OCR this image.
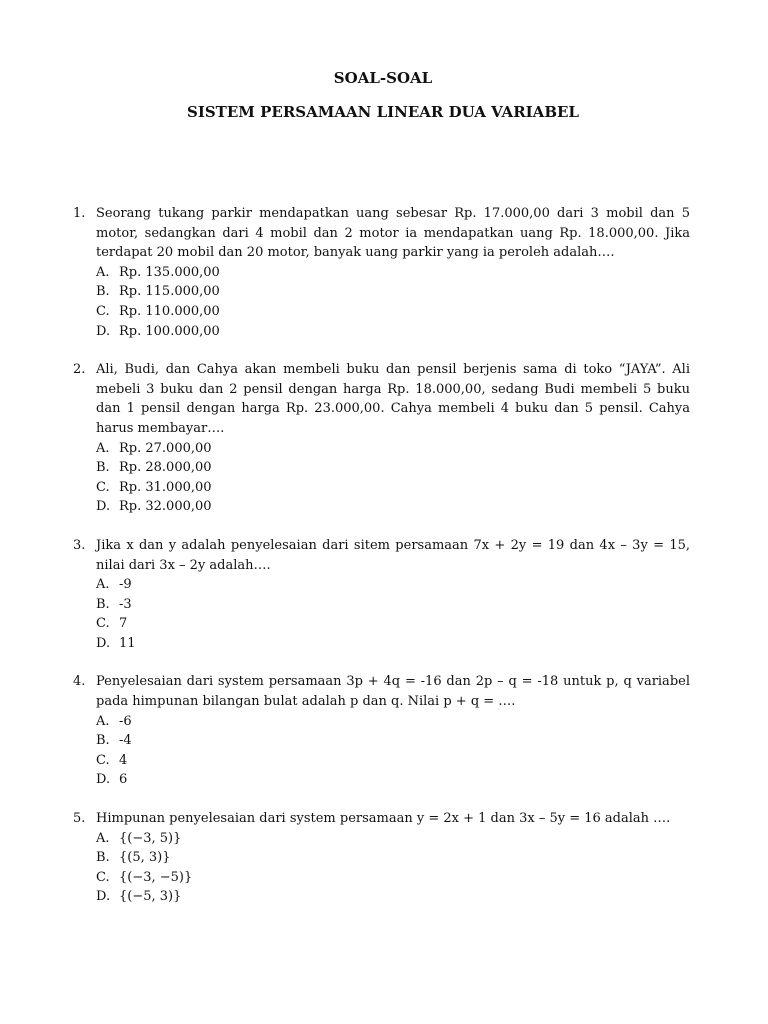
SOAL-SOAL
SISTEM PERSAMAAN LINEAR DUA VARIABEL
1. Seorang tukang parkir mendapatkan uang sebesar Rp. 17.000,00 dari 3 mobil dan 5 motor, sedangkan dari 4 mobil dan 2 motor ia mendapatkan uang Rp. 18.000,00. Jika terdapat 20 mobil dan 20 motor, banyak uang parkir yang ia peroleh adalah….
A. Rp. 135.000,00
B. Rp. 115.000,00
C. Rp. 110.000,00
D. Rp. 100.000,00
2. Ali, Budi, dan Cahya akan membeli buku dan pensil berjenis sama di toko “JAYA”. Ali mebeli 3 buku dan 2 pensil dengan harga Rp. 18.000,00, sedang Budi membeli 5 buku dan 1 pensil dengan harga Rp. 23.000,00. Cahya membeli 4 buku dan 5 pensil. Cahya harus membayar….
A. Rp. 27.000,00
B. Rp. 28.000,00
C. Rp. 31.000,00
D. Rp. 32.000,00
3. Jika x dan y adalah penyelesaian dari sitem persamaan 7x + 2y = 19 dan 4x – 3y = 15, nilai dari 3x – 2y adalah….
A. -9
B. -3
C. 7
D. 11
4. Penyelesaian dari system persamaan 3p + 4q = -16 dan 2p – q = -18 untuk p, q variabel pada himpunan bilangan bulat adalah p dan q. Nilai p + q = ….
A. -6
B. -4
C. 4
D. 6
5. Himpunan penyelesaian dari system persamaan y = 2x + 1 dan 3x – 5y = 16 adalah ….
A. {(−3, 5)}
B. {(5, 3)}
C. {(−3, −5)}
D. {(−5, 3)}
